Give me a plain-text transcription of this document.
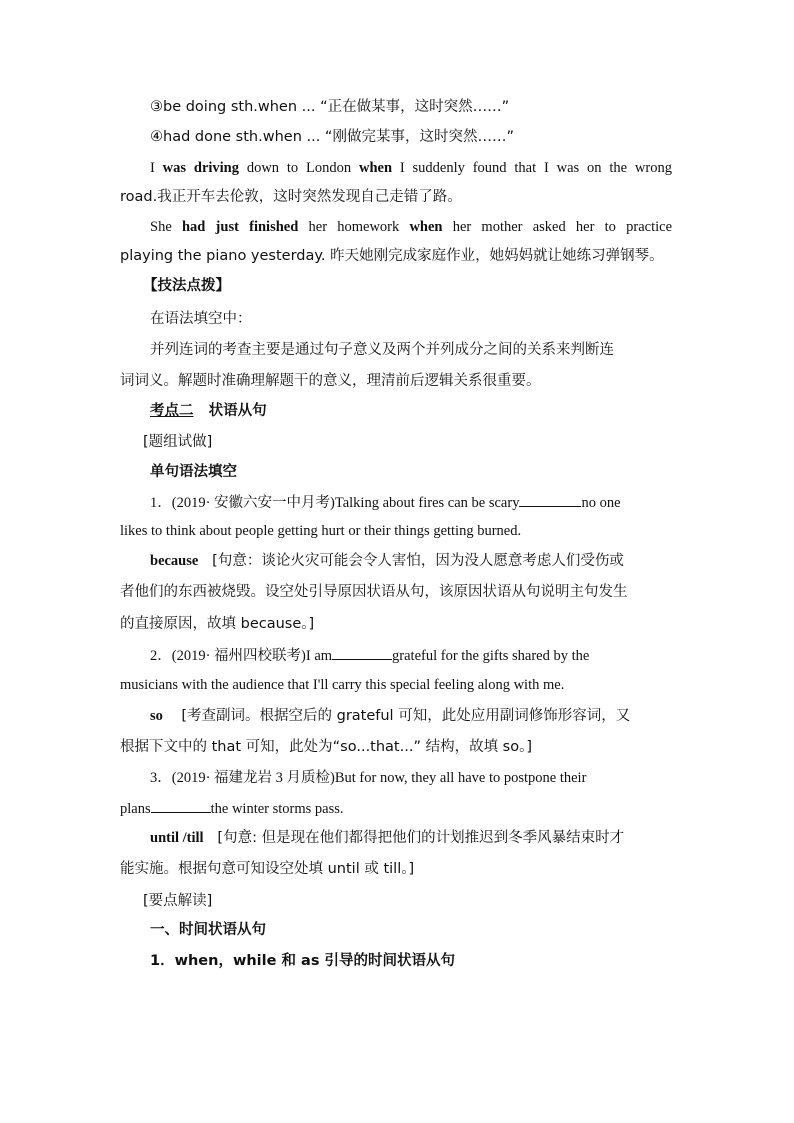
③be doing sth.when ... “正在做某事，这时突然……”
④had done sth.when ... “刚做完某事，这时突然……”
I was driving down to London when I suddenly found that I was on the wrong
road.我正开车去伦敦，这时突然发现自己走错了路。
She had just finished her homework when her mother asked her to practice
playing the piano yesterday. 昨天她刚完成家庭作业，她妈妈就让她练习弹钢琴。
【技法点拨】
在语法填空中：
并列连词的考查主要是通过句子意义及两个并列成分之间的关系来判断连
词词义。解题时准确理解题干的意义，理清前后逻辑关系很重要。
考点二 状语从句
[题组试做]
单句语法填空
1．(2019· 安徽六安一中月考)Talking about fires can be scary	no one
likes to think about people getting hurt or their things getting burned.
because [句意：谈论火灾可能会令人害怕，因为没人愿意考虑人们受伤或
者他们的东西被烧毁。设空处引导原因状语从句，该原因状语从句说明主句发生
的直接原因，故填 because。]
2．(2019· 福州四校联考)I am	grateful for the gifts shared by the
musicians with the audience that I'll carry this special feeling along with me.
so [考查副词。根据空后的 grateful 可知，此处应用副词修饰形容词，又
根据下文中的 that 可知，此处为“so...that...” 结构，故填 so。]
3．(2019· 福建龙岩 3 月质检)But for now, they all have to postpone their
plans	the winter storms pass.
until /till [句意: 但是现在他们都得把他们的计划推迟到冬季风暴结束时才
能实施。根据句意可知设空处填 until 或 till。]
[要点解读]
一、时间状语从句
1．when，while 和 as 引导的时间状语从句
